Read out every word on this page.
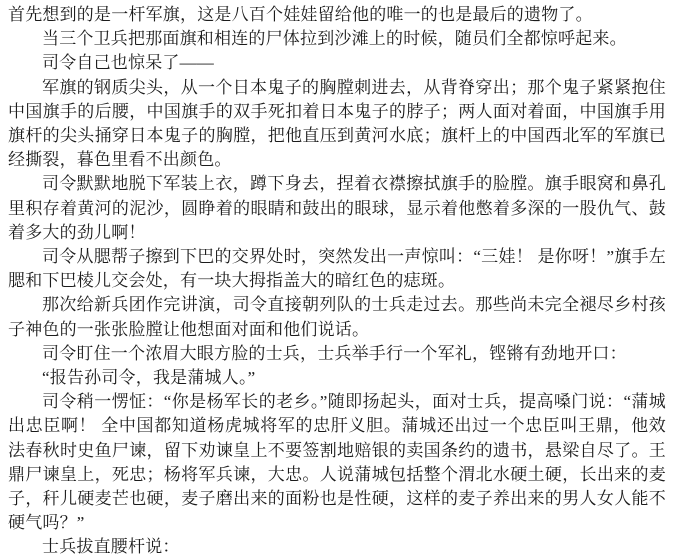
首先想到的是一杆军旗，这是八百个娃娃留给他的唯一的也是最后的遗物了。

当三个卫兵把那面旗和相连的尸体拉到沙滩上的时候，随员们全都惊呼起来。

司令自己也惊呆了——

军旗的钢质尖头，从一个日本鬼子的胸膛刺进去，从背脊穿出；那个鬼子紧紧抱住中国旗手的后腰，中国旗手的双手死扣着日本鬼子的脖子；两人面对着面，中国旗手用旗杆的尖头捅穿日本鬼子的胸膛，把他直压到黄河水底；旗杆上的中国西北军的军旗已经撕裂，暮色里看不出颜色。

司令默默地脱下军装上衣，蹲下身去，捏着衣襟擦拭旗手的脸膛。旗手眼窝和鼻孔里积存着黄河的泥沙，圆睁着的眼睛和鼓出的眼球，显示着他憋着多深的一股仇气、鼓着多大的劲儿啊！

司令从腮帮子擦到下巴的交界处时，突然发出一声惊叫：“三娃！ 是你呀！”旗手左腮和下巴棱儿交会处，有一块大拇指盖大的暗红色的痣斑。

那次给新兵团作完讲演，司令直接朝列队的士兵走过去。那些尚未完全褪尽乡村孩子神色的一张张脸膛让他想面对面和他们说话。

司令盯住一个浓眉大眼方脸的士兵，士兵举手行一个军礼，铿锵有劲地开口：

“报告孙司令，我是蒲城人。”

司令稍一愣怔：“你是杨军长的老乡。”随即扬起头，面对士兵，提高嗓门说：“蒲城出忠臣啊！ 全中国都知道杨虎城将军的忠肝义胆。蒲城还出过一个忠臣叫王鼎，他效法春秋时史鱼尸谏，留下劝谏皇上不要签割地赔银的卖国条约的遗书，悬梁自尽了。王鼎尸谏皇上，死忠；杨将军兵谏，大忠。人说蒲城包括整个渭北水硬土硬，长出来的麦子，秆儿硬麦芒也硬，麦子磨出来的面粉也是性硬，这样的麦子养出来的男人女人能不硬气吗？”

士兵拔直腰杆说：
